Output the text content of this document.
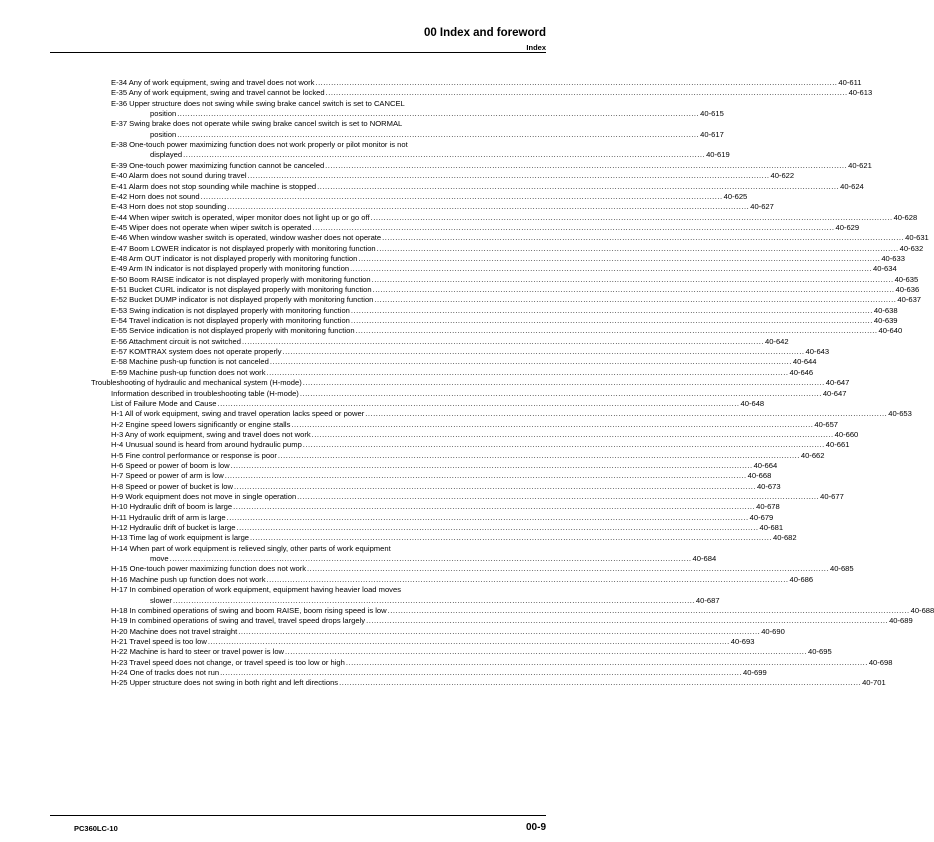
00 Index and foreword
Index
E-34 Any of work equipment, swing and travel does not work ........................................................................................................................................................................................................ 40-611
E-35 Any of work equipment, swing and travel cannot be locked ........................................................................................................................................................................................................ 40-613
E-36 Upper structure does not swing while swing brake cancel switch is set to CANCEL
position ........................................................................................................................................................................................................ 40-615
E-37 Swing brake does not operate while swing brake cancel switch is set to NORMAL
position ........................................................................................................................................................................................................ 40-617
E-38 One-touch power maximizing function does not work properly or pilot monitor is not
displayed ........................................................................................................................................................................................................ 40-619
E-39 One-touch power maximizing function cannot be canceled ........................................................................................................................................................................................................ 40-621
E-40 Alarm does not sound during travel ........................................................................................................................................................................................................ 40-622
E-41 Alarm does not stop sounding while machine is stopped ........................................................................................................................................................................................................ 40-624
E-42 Horn does not sound ........................................................................................................................................................................................................ 40-625
E-43 Horn does not stop sounding ........................................................................................................................................................................................................ 40-627
E-44 When wiper switch is operated, wiper monitor does not light up or go off ........................................................................................................................................................................................................ 40-628
E-45 Wiper does not operate when wiper switch is operated ........................................................................................................................................................................................................ 40-629
E-46 When window washer switch is operated, window washer does not operate ........................................................................................................................................................................................................ 40-631
E-47 Boom LOWER indicator is not displayed properly with monitoring function ........................................................................................................................................................................................................ 40-632
E-48 Arm OUT indicator is not displayed properly with monitoring function ........................................................................................................................................................................................................ 40-633
E-49 Arm IN indicator is not displayed properly with monitoring function ........................................................................................................................................................................................................ 40-634
E-50 Boom RAISE indicator is not displayed properly with monitoring function ........................................................................................................................................................................................................ 40-635
E-51 Bucket CURL indicator is not displayed properly with monitoring function ........................................................................................................................................................................................................ 40-636
E-52 Bucket DUMP indicator is not displayed properly with monitoring function ........................................................................................................................................................................................................ 40-637
E-53 Swing indication is not displayed properly with monitoring function ........................................................................................................................................................................................................ 40-638
E-54 Travel indication is not displayed properly with monitoring function ........................................................................................................................................................................................................ 40-639
E-55 Service indication is not displayed properly with monitoring function ........................................................................................................................................................................................................ 40-640
E-56 Attachment circuit is not switched ........................................................................................................................................................................................................ 40-642
E-57 KOMTRAX system does not operate properly ........................................................................................................................................................................................................ 40-643
E-58 Machine push-up function is not canceled ........................................................................................................................................................................................................ 40-644
E-59 Machine push-up function does not work ........................................................................................................................................................................................................ 40-646
Troubleshooting of hydraulic and mechanical system (H-mode) ........................................................................................................................................................................................................ 40-647
Information described in troubleshooting table (H-mode) ........................................................................................................................................................................................................ 40-647
List of Failure Mode and Cause ........................................................................................................................................................................................................ 40-648
H-1 All of work equipment, swing and travel operation lacks speed or power ........................................................................................................................................................................................................ 40-653
H-2 Engine speed lowers significantly or engine stalls ........................................................................................................................................................................................................ 40-657
H-3 Any of work equipment, swing and travel does not work ........................................................................................................................................................................................................ 40-660
H-4 Unusual sound is heard from around hydraulic pump ........................................................................................................................................................................................................ 40-661
H-5 Fine control performance or response is poor ........................................................................................................................................................................................................ 40-662
H-6 Speed or power of boom is low ........................................................................................................................................................................................................ 40-664
H-7 Speed or power of arm is low ........................................................................................................................................................................................................ 40-668
H-8 Speed or power of bucket is low ........................................................................................................................................................................................................ 40-673
H-9 Work equipment does not move in single operation ........................................................................................................................................................................................................ 40-677
H-10 Hydraulic drift of boom is large ........................................................................................................................................................................................................ 40-678
H-11 Hydraulic drift of arm is large ........................................................................................................................................................................................................ 40-679
H-12 Hydraulic drift of bucket is large ........................................................................................................................................................................................................ 40-681
H-13 Time lag of work equipment is large ........................................................................................................................................................................................................ 40-682
H-14 When part of work equipment is relieved singly, other parts of work equipment
move ........................................................................................................................................................................................................ 40-684
H-15 One-touch power maximizing function does not work ........................................................................................................................................................................................................ 40-685
H-16 Machine push up function does not work ........................................................................................................................................................................................................ 40-686
H-17 In combined operation of work equipment, equipment having heavier load moves
slower ........................................................................................................................................................................................................ 40-687
H-18 In combined operations of swing and boom RAISE, boom rising speed is low ........................................................................................................................................................................................................ 40-688
H-19 In combined operations of swing and travel, travel speed drops largely ........................................................................................................................................................................................................ 40-689
H-20 Machine does not travel straight ........................................................................................................................................................................................................ 40-690
H-21 Travel speed is too low ........................................................................................................................................................................................................ 40-693
H-22 Machine is hard to steer or travel power is low ........................................................................................................................................................................................................ 40-695
H-23 Travel speed does not change, or travel speed is too low or high ........................................................................................................................................................................................................ 40-698
H-24 One of tracks does not run ........................................................................................................................................................................................................ 40-699
H-25 Upper structure does not swing in both right and left directions ........................................................................................................................................................................................................ 40-701
PC360LC-10	00-9
